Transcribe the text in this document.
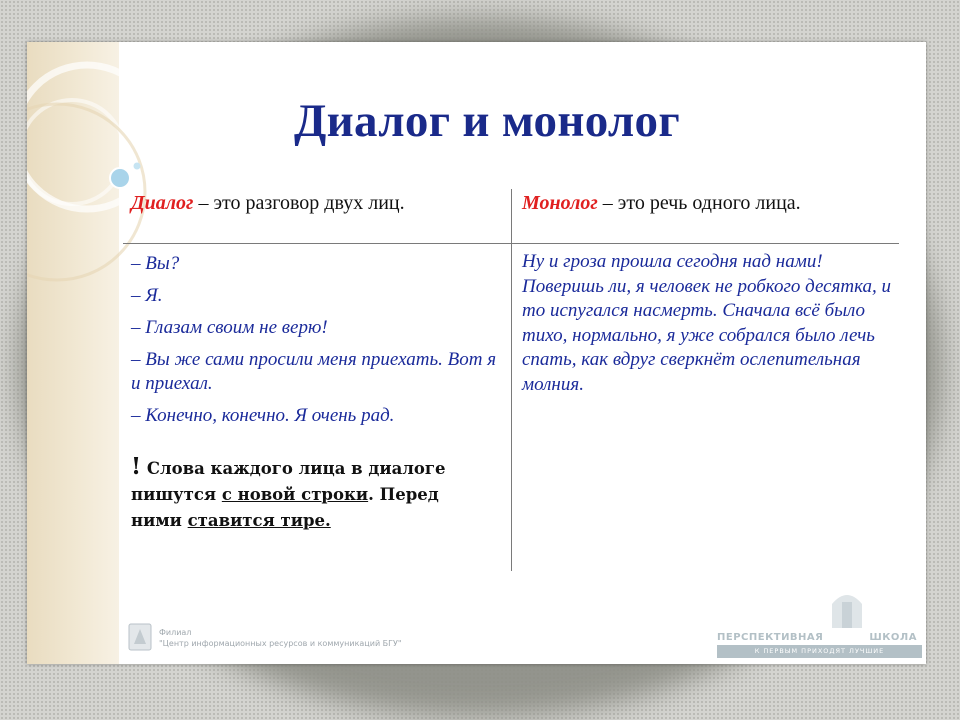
Диалог и монолог
Диалог – это разговор двух лиц.	Монолог – это речь одного лица.
– Вы?
– Я.
– Глазам своим не верю!
– Вы же сами просили меня приехать. Вот я и приехал.
– Конечно, конечно. Я очень рад.
! Слова каждого лица в диалоге пишутся с новой строки. Перед ними ставится тире.
Ну и гроза прошла сегодня над нами! Поверишь ли, я человек не робкого десятка, и то испугался насмерть. Сначала всё было тихо, нормально, я уже собрался было лечь спать, как вдруг сверкнёт ослепительная молния.
Филиал
"Центр информационных ресурсов и коммуникаций БГУ"
ПЕРСПЕКТИВНАЯ	ШКОЛА
К ПЕРВЫМ ПРИХОДЯТ ЛУЧШИЕ
